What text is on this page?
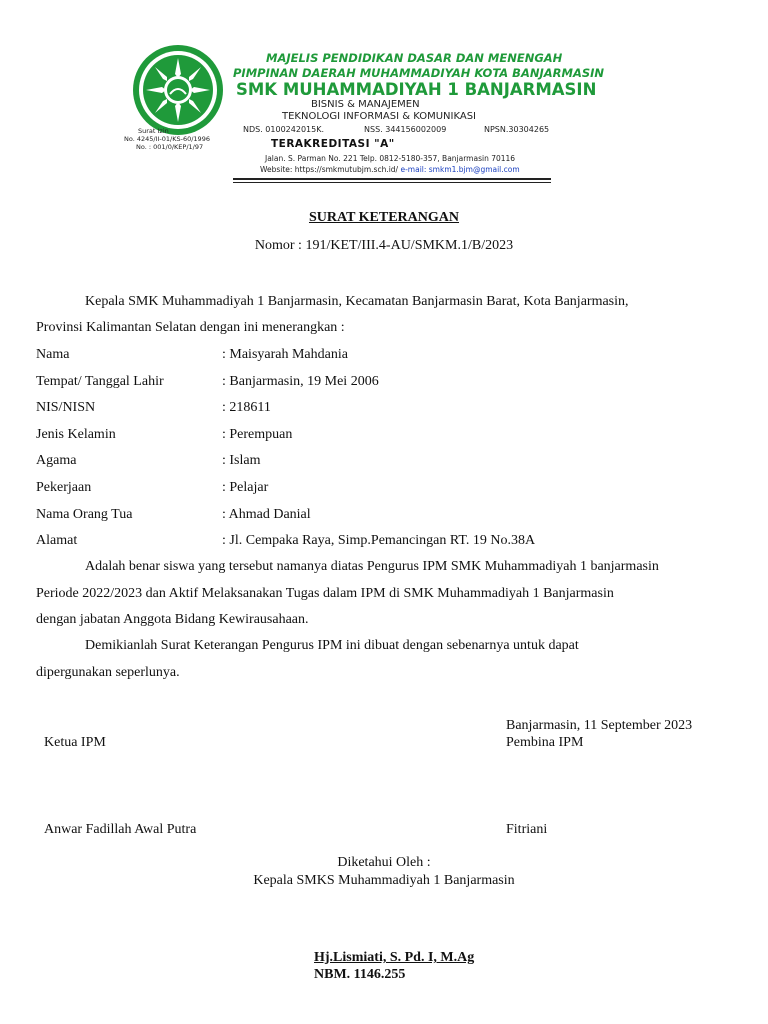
MAJELIS PENDIDIKAN DASAR DAN MENENGAH
PIMPINAN DAERAH MUHAMMADIYAH KOTA BANJARMASIN
SMK MUHAMMADIYAH 1 BANJARMASIN
BISNIS & MANAJEMEN
TEKNOLOGI INFORMASI & KOMUNIKASI
NDS. 0100242015K.	NSS. 344156002009	NPSN.30304265
TERAKREDITASI "A"
Jalan. S. Parman No. 221 Telp. 0812-5180-357, Banjarmasin 70116
Website: https://smkmutubjm.sch.id/ e-mail: smkm1.bjm@gmail.com
Surat Izin
No. 4245/II-01/KS-60/1996
No. : 001/0/KEP/1/97
SURAT KETERANGAN
Nomor : 191/KET/III.4-AU/SMKM.1/B/2023
Kepala SMK Muhammadiyah 1 Banjarmasin, Kecamatan Banjarmasin Barat, Kota Banjarmasin,
Provinsi Kalimantan Selatan dengan ini menerangkan :
Nama	: Maisyarah Mahdania
Tempat/ Tanggal Lahir	: Banjarmasin, 19 Mei 2006
NIS/NISN	: 218611
Jenis Kelamin	: Perempuan
Agama	: Islam
Pekerjaan	: Pelajar
Nama Orang Tua	: Ahmad Danial
Alamat	: Jl. Cempaka Raya, Simp.Pemancingan RT. 19 No.38A
Adalah benar siswa yang tersebut namanya diatas Pengurus IPM SMK Muhammadiyah 1 banjarmasin
Periode 2022/2023 dan Aktif Melaksanakan Tugas dalam IPM di SMK Muhammadiyah 1 Banjarmasin
dengan jabatan Anggota Bidang Kewirausahaan.
Demikianlah Surat Keterangan Pengurus IPM ini dibuat dengan sebenarnya untuk dapat
dipergunakan seperlunya.
Banjarmasin, 11 September 2023
Ketua IPM	Pembina IPM
Anwar Fadillah Awal Putra	Fitriani
Diketahui Oleh :
Kepala SMKS Muhammadiyah 1 Banjarmasin
Hj.Lismiati, S. Pd. I, M.Ag
NBM. 1146.255
